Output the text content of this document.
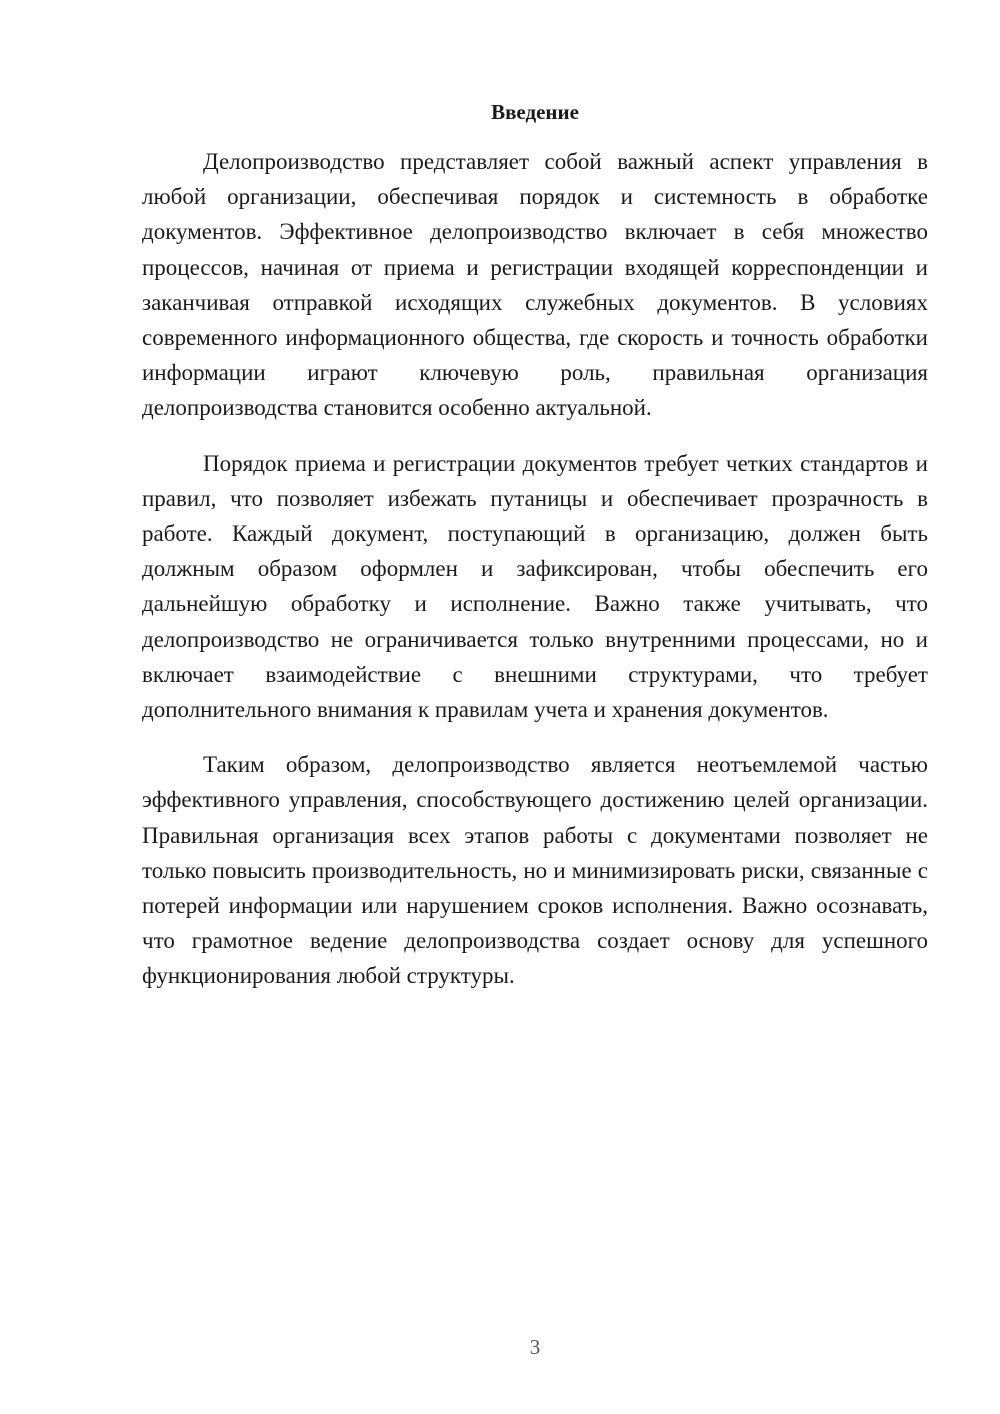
Введение

Делопроизводство представляет собой важный аспект управления в любой организации, обеспечивая порядок и системность в обработке документов. Эффективное делопроизводство включает в себя множество процессов, начиная от приема и регистрации входящей корреспонденции и заканчивая отправкой исходящих служебных документов. В условиях современного информационного общества, где скорость и точность обработки информации играют ключевую роль, правильная организация делопроизводства становится особенно актуальной.

Порядок приема и регистрации документов требует четких стандартов и правил, что позволяет избежать путаницы и обеспечивает прозрачность в работе. Каждый документ, поступающий в организацию, должен быть должным образом оформлен и зафиксирован, чтобы обеспечить его дальнейшую обработку и исполнение. Важно также учитывать, что делопроизводство не ограничивается только внутренними процессами, но и включает взаимодействие с внешними структурами, что требует дополнительного внимания к правилам учета и хранения документов.

Таким образом, делопроизводство является неотъемлемой частью эффективного управления, способствующего достижению целей организации. Правильная организация всех этапов работы с документами позволяет не только повысить производительность, но и минимизировать риски, связанные с потерей информации или нарушением сроков исполнения. Важно осознавать, что грамотное ведение делопроизводства создает основу для успешного функционирования любой структуры.

3
